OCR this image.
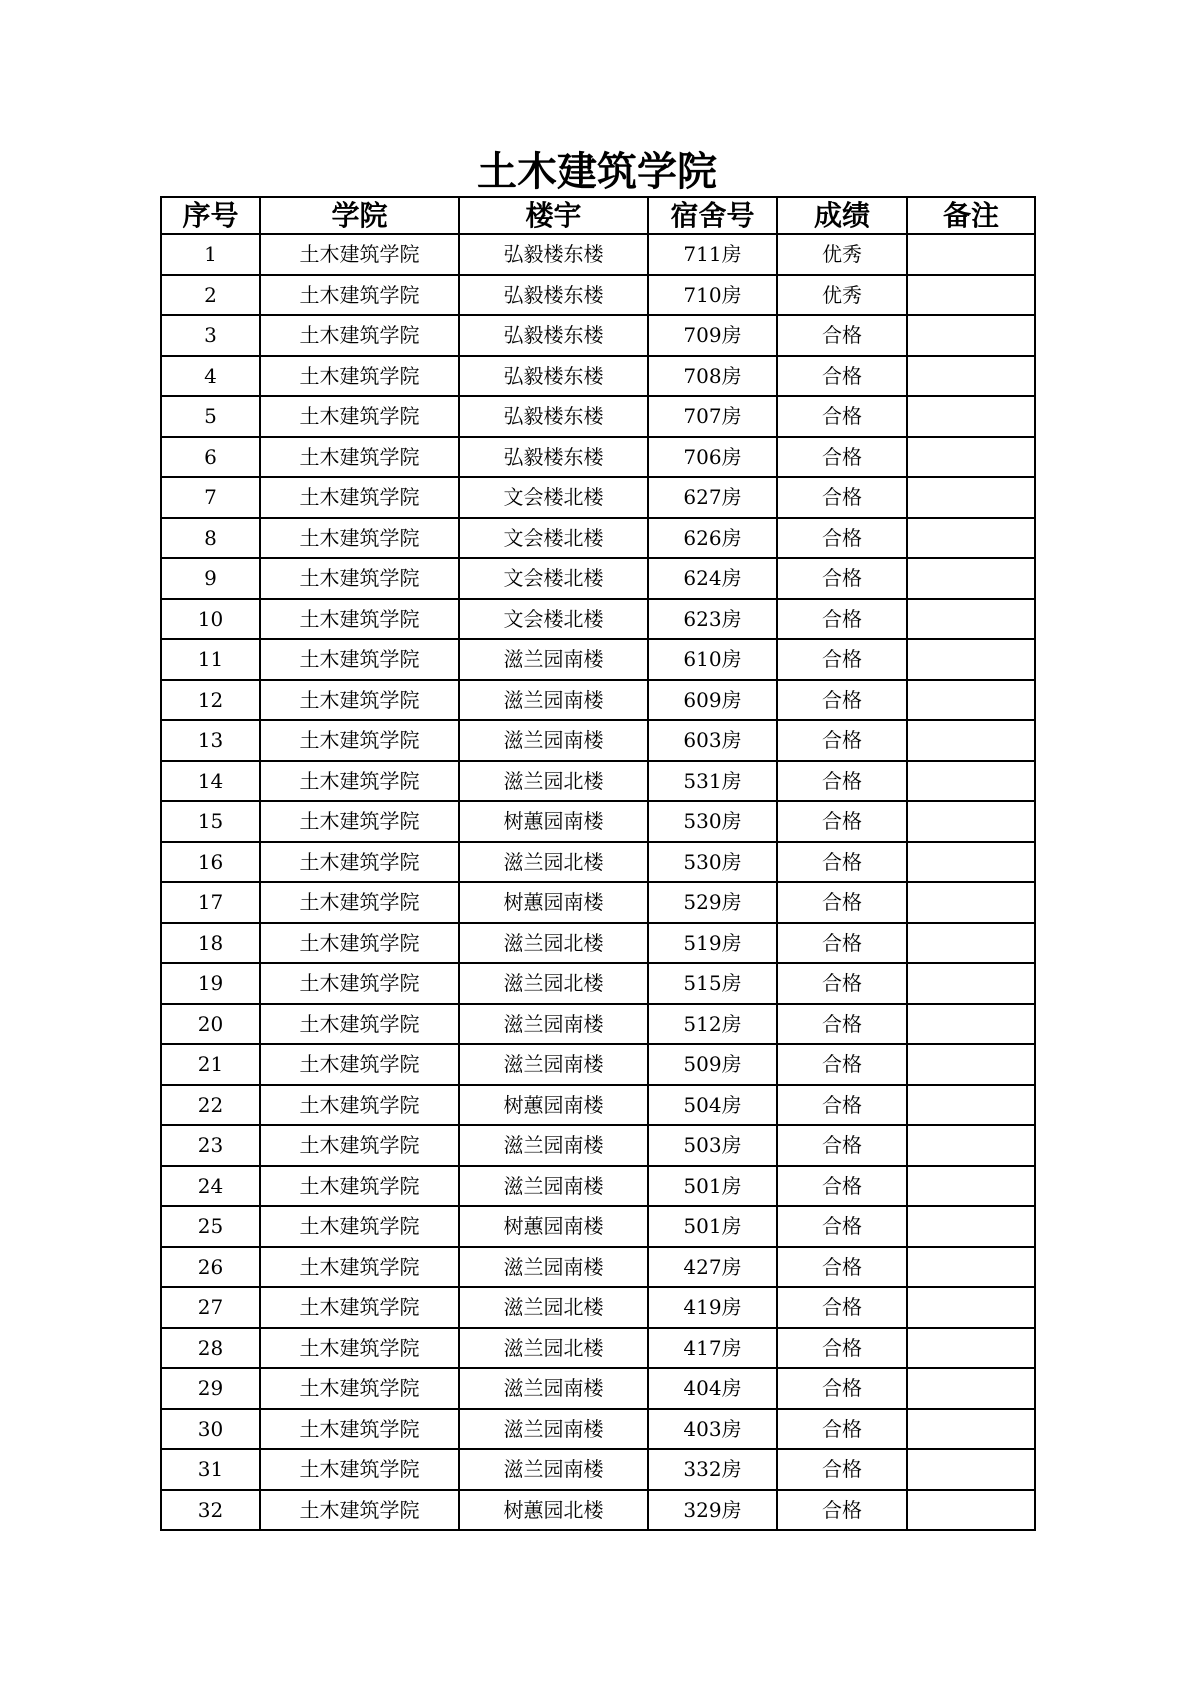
土木建筑学院
序号	学院	楼宇	宿舍号	成绩	备注
1	土木建筑学院	弘毅楼东楼	711房	优秀	
2	土木建筑学院	弘毅楼东楼	710房	优秀	
3	土木建筑学院	弘毅楼东楼	709房	合格	
4	土木建筑学院	弘毅楼东楼	708房	合格	
5	土木建筑学院	弘毅楼东楼	707房	合格	
6	土木建筑学院	弘毅楼东楼	706房	合格	
7	土木建筑学院	文会楼北楼	627房	合格	
8	土木建筑学院	文会楼北楼	626房	合格	
9	土木建筑学院	文会楼北楼	624房	合格	
10	土木建筑学院	文会楼北楼	623房	合格	
11	土木建筑学院	滋兰园南楼	610房	合格	
12	土木建筑学院	滋兰园南楼	609房	合格	
13	土木建筑学院	滋兰园南楼	603房	合格	
14	土木建筑学院	滋兰园北楼	531房	合格	
15	土木建筑学院	树蕙园南楼	530房	合格	
16	土木建筑学院	滋兰园北楼	530房	合格	
17	土木建筑学院	树蕙园南楼	529房	合格	
18	土木建筑学院	滋兰园北楼	519房	合格	
19	土木建筑学院	滋兰园北楼	515房	合格	
20	土木建筑学院	滋兰园南楼	512房	合格	
21	土木建筑学院	滋兰园南楼	509房	合格	
22	土木建筑学院	树蕙园南楼	504房	合格	
23	土木建筑学院	滋兰园南楼	503房	合格	
24	土木建筑学院	滋兰园南楼	501房	合格	
25	土木建筑学院	树蕙园南楼	501房	合格	
26	土木建筑学院	滋兰园南楼	427房	合格	
27	土木建筑学院	滋兰园北楼	419房	合格	
28	土木建筑学院	滋兰园北楼	417房	合格	
29	土木建筑学院	滋兰园南楼	404房	合格	
30	土木建筑学院	滋兰园南楼	403房	合格	
31	土木建筑学院	滋兰园南楼	332房	合格	
32	土木建筑学院	树蕙园北楼	329房	合格	
